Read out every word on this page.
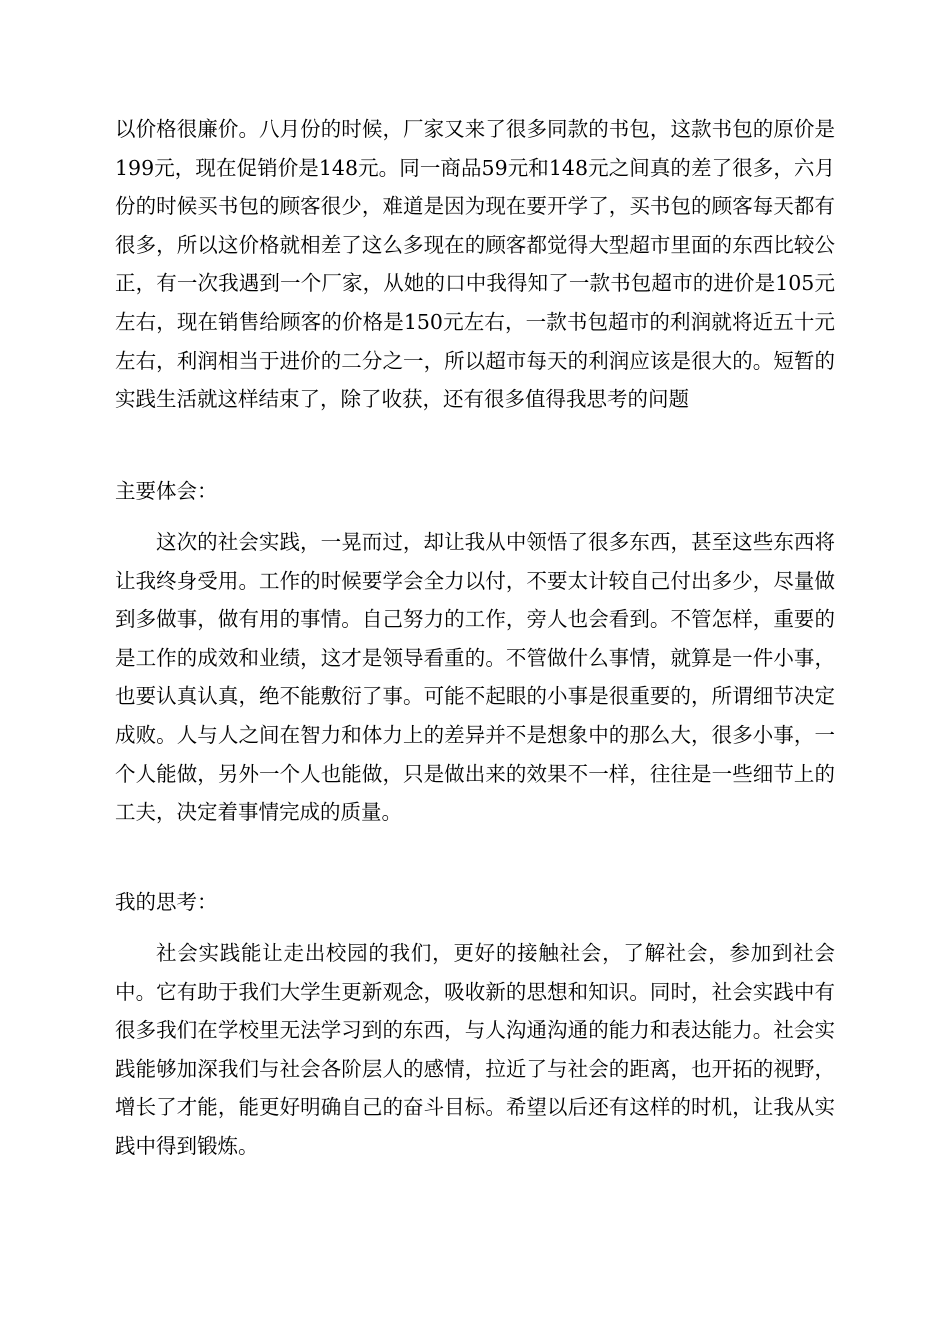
以价格很廉价。八月份的时候，厂家又来了很多同款的书包，这款书包的原价是199元，现在促销价是148元。同一商品59元和148元之间真的差了很多，六月份的时候买书包的顾客很少，难道是因为现在要开学了，买书包的顾客每天都有很多，所以这价格就相差了这么多现在的顾客都觉得大型超市里面的东西比较公正，有一次我遇到一个厂家，从她的口中我得知了一款书包超市的进价是105元左右，现在销售给顾客的价格是150元左右，一款书包超市的利润就将近五十元左右，利润相当于进价的二分之一，所以超市每天的利润应该是很大的。短暂的实践生活就这样结束了，除了收获，还有很多值得我思考的问题

主要体会：

这次的社会实践，一晃而过，却让我从中领悟了很多东西，甚至这些东西将让我终身受用。工作的时候要学会全力以付，不要太计较自己付出多少，尽量做到多做事，做有用的事情。自己努力的工作，旁人也会看到。不管怎样，重要的是工作的成效和业绩，这才是领导看重的。不管做什么事情，就算是一件小事，也要认真认真，绝不能敷衍了事。可能不起眼的小事是很重要的，所谓细节决定成败。人与人之间在智力和体力上的差异并不是想象中的那么大，很多小事，一个人能做，另外一个人也能做，只是做出来的效果不一样，往往是一些细节上的工夫，决定着事情完成的质量。

我的思考：

社会实践能让走出校园的我们，更好的接触社会，了解社会，参加到社会中。它有助于我们大学生更新观念，吸收新的思想和知识。同时，社会实践中有很多我们在学校里无法学习到的东西，与人沟通沟通的能力和表达能力。社会实践能够加深我们与社会各阶层人的感情，拉近了与社会的距离，也开拓的视野，增长了才能，能更好明确自己的奋斗目标。希望以后还有这样的时机，让我从实践中得到锻炼。
